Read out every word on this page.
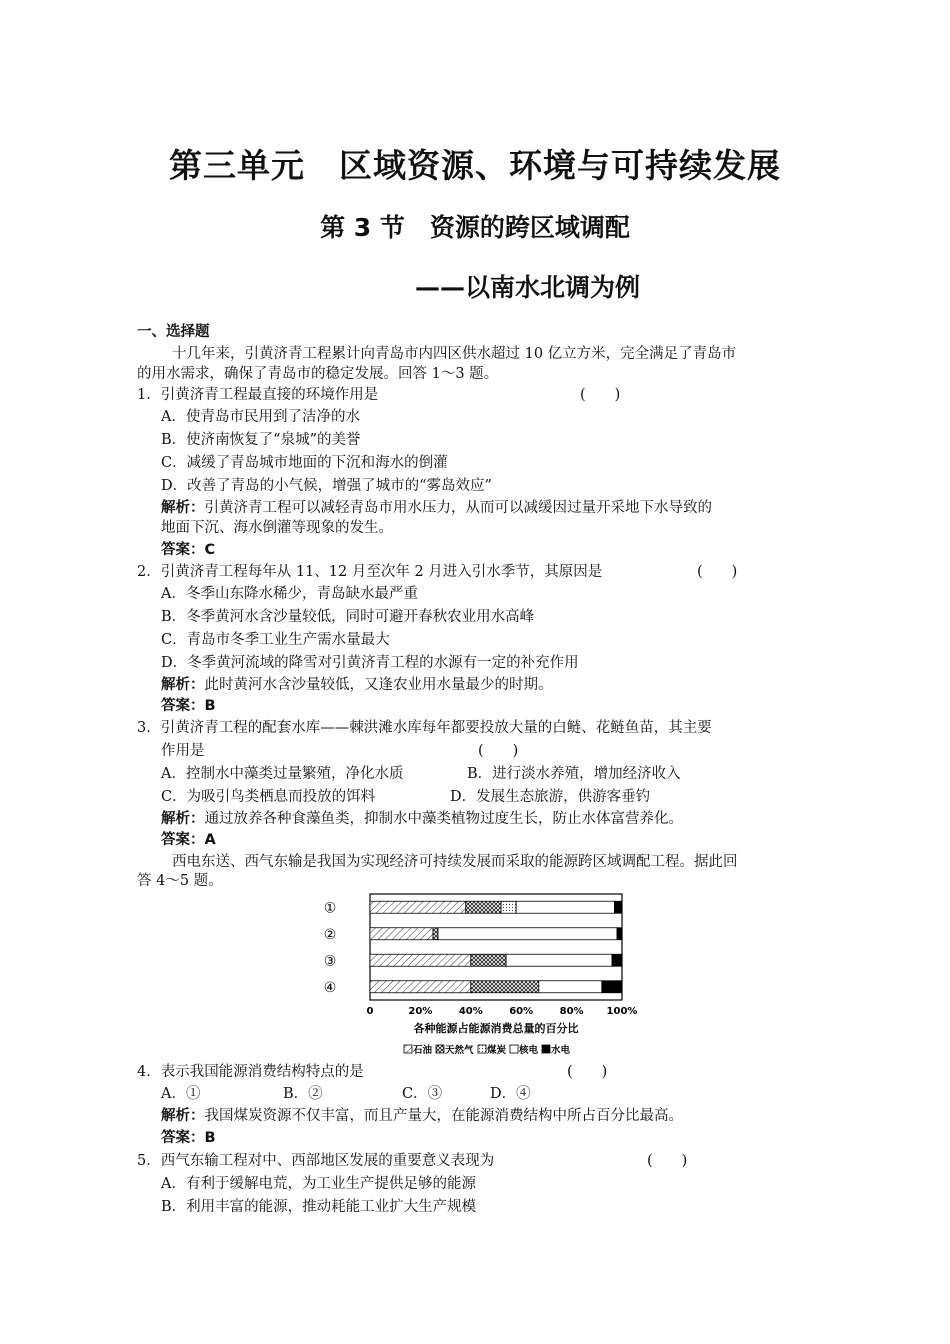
第三单元　区域资源、环境与可持续发展
第 3 节　资源的跨区域调配
——以南水北调为例
一、选择题
十几年来，引黄济青工程累计向青岛市内四区供水超过 10 亿立方米，完全满足了青岛市
的用水需求，确保了青岛市的稳定发展。回答 1～3 题。
1．引黄济青工程最直接的环境作用是	(　　)
A．使青岛市民用到了洁净的水
B．使济南恢复了“泉城”的美誉
C．减缓了青岛城市地面的下沉和海水的倒灌
D．改善了青岛的小气候，增强了城市的“雾岛效应”
解析：引黄济青工程可以减轻青岛市用水压力，从而可以减缓因过量开采地下水导致的
地面下沉、海水倒灌等现象的发生。
答案：C
2．引黄济青工程每年从 11、12 月至次年 2 月进入引水季节，其原因是	(　　)
A．冬季山东降水稀少，青岛缺水最严重
B．冬季黄河水含沙量较低，同时可避开春秋农业用水高峰
C．青岛市冬季工业生产需水量最大
D．冬季黄河流域的降雪对引黄济青工程的水源有一定的补充作用
解析：此时黄河水含沙量较低，又逢农业用水量最少的时期。
答案：B
3．引黄济青工程的配套水库——棘洪滩水库每年都要投放大量的白鲢、花鲢鱼苗，其主要
作用是	(　　)
A．控制水中藻类过量繁殖，净化水质	B．进行淡水养殖，增加经济收入
C．为吸引鸟类栖息而投放的饵料	D．发展生态旅游，供游客垂钓
解析：通过放养各种食藻鱼类，抑制水中藻类植物过度生长，防止水体富营养化。
答案：A
西电东送、西气东输是我国为实现经济可持续发展而采取的能源跨区域调配工程。据此回
答 4～5 题。
①
②
③
④
0	20%	40%	60%	80% 100%
各种能源占能源消费总量的百分比
石油 天然气 煤炭 核电 水电
4．表示我国能源消费结构特点的是	(　　)
A．①	B．②	C．③	D．④
解析：我国煤炭资源不仅丰富，而且产量大，在能源消费结构中所占百分比最高。
答案：B
5．西气东输工程对中、西部地区发展的重要意义表现为	(　　)
A．有利于缓解电荒，为工业生产提供足够的能源
B．利用丰富的能源，推动耗能工业扩大生产规模
